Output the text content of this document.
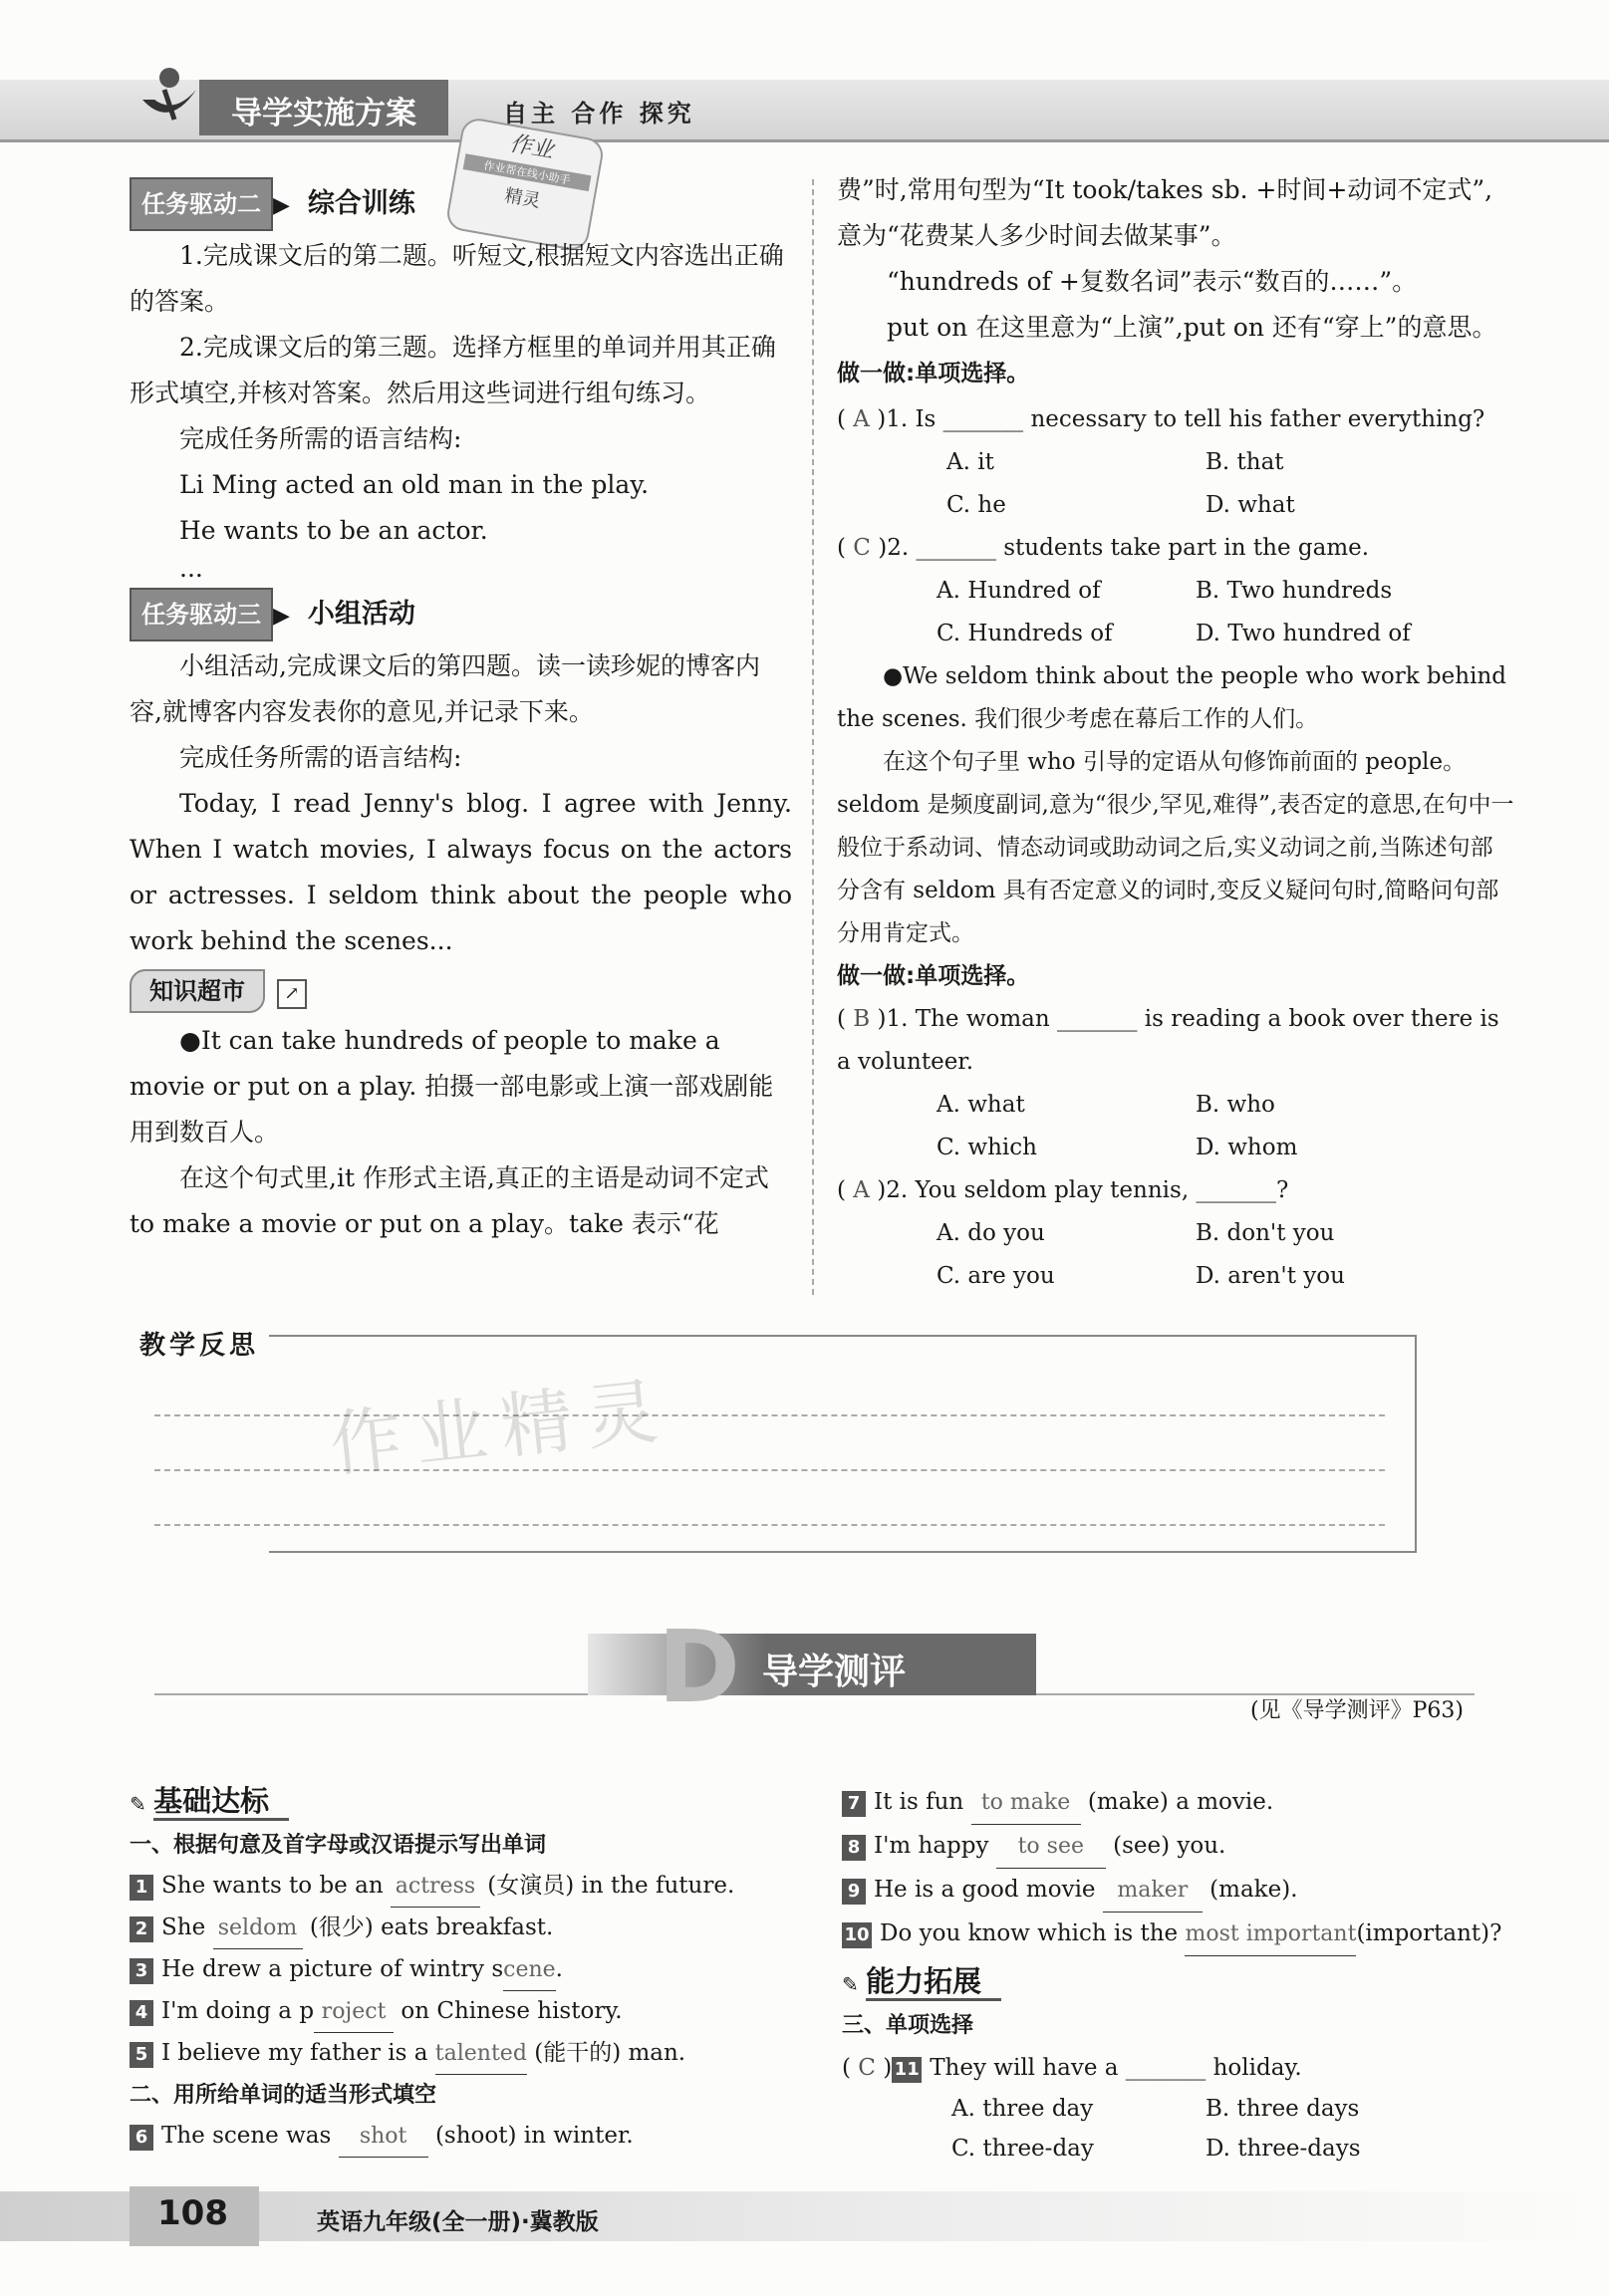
导学实施方案	自主 合作 探究
作业
作业帮在线小助手
精灵
任务驱动二 ▶ 综合训练
1.完成课文后的第二题。听短文,根据短文内容选出正确的答案。
2.完成课文后的第三题。选择方框里的单词并用其正确形式填空,并核对答案。然后用这些词进行组句练习。
完成任务所需的语言结构:
Li Ming acted an old man in the play.
He wants to be an actor.
...
任务驱动三 ▶ 小组活动
小组活动,完成课文后的第四题。读一读珍妮的博客内容,就博客内容发表你的意见,并记录下来。
完成任务所需的语言结构:
Today, I read Jenny's blog. I agree with Jenny. When I watch movies, I always focus on the actors or actresses. I seldom think about the people who work behind the scenes...
知识超市 ↗
●It can take hundreds of people to make a movie or put on a play. 拍摄一部电影或上演一部戏剧能用到数百人。
在这个句式里,it 作形式主语,真正的主语是动词不定式 to make a movie or put on a play。take 表示“花
费”时,常用句型为“It took/takes sb. +时间+动词不定式”,意为“花费某人多少时间去做某事”。
“hundreds of +复数名词”表示“数百的……”。
put on 在这里意为“上演”,put on 还有“穿上”的意思。
做一做:单项选择。
( A )1. Is _______ necessary to tell his father everything?
A. it	B. that
C. he	D. what
( C )2. _______ students take part in the game.
A. Hundred of	B. Two hundreds
C. Hundreds of	D. Two hundred of
●We seldom think about the people who work behind the scenes. 我们很少考虑在幕后工作的人们。
在这个句子里 who 引导的定语从句修饰前面的 people。seldom 是频度副词,意为“很少,罕见,难得”,表否定的意思,在句中一般位于系动词、情态动词或助动词之后,实义动词之前,当陈述句部分含有 seldom 具有否定意义的词时,变反义疑问句时,简略问句部分用肯定式。
做一做:单项选择。
( B )1. The woman _______ is reading a book over there is a volunteer.
A. what	B. who
C. which	D. whom
( A )2. You seldom play tennis, _______?
A. do you	B. don't you
C. are you	D. aren't you
教学反思
作业精灵
D 导学测评
(见《导学测评》P63)
✎ 基础达标
一、根据句意及首字母或汉语提示写出单词
1 She wants to be an actress (女演员) in the future.
2 She seldom (很少) eats breakfast.
3 He drew a picture of wintry scene.
4 I'm doing a p roject on Chinese history.
5 I believe my father is a talented (能干的) man.
二、用所给单词的适当形式填空
6 The scene was shot (shoot) in winter.
7 It is fun to make (make) a movie.
8 I'm happy to see (see) you.
9 He is a good movie maker (make).
10 Do you know which is the most important(important)?
✎ 能力拓展
三、单项选择
( C ) 11 They will have a _______ holiday.
A. three day	B. three days
C. three-day	D. three-days
108	英语九年级(全一册)·冀教版
